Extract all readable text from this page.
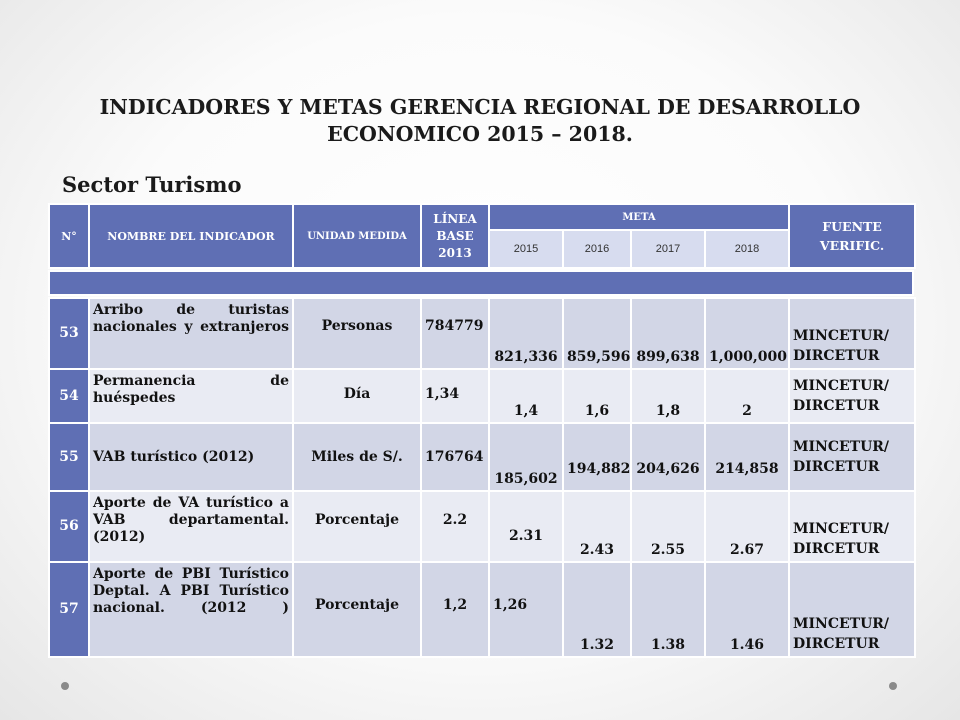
INDICADORES Y METAS GERENCIA REGIONAL DE DESARROLLO
ECONOMICO 2015 – 2018.
Sector Turismo
N°	NOMBRE DEL INDICADOR	UNIDAD MEDIDA	LÍNEA BASE 2013	META				FUENTE VERIFIC.
				2015	2016	2017	2018	
53	Arribo de turistas nacionales y extranjeros	Personas	784779	821,336	859,596	899,638	1,000,000	MINCETUR/
DIRCETUR

54	Permanencia de huéspedes	Día	1,34	1,4	1,6	1,8	2	MINCETUR/
DIRCETUR

55	VAB turístico (2012)	Miles de S/.	176764	185,602	194,882	204,626	214,858	MINCETUR/
DIRCETUR

56	Aporte de VA turístico a VAB departamental. (2012)	Porcentaje	2.2	2.31	2.43	2.55	2.67	MINCETUR/
DIRCETUR

57	Aporte de PBI Turístico Deptal. A PBI Turístico nacional. (2012 )	Porcentaje	1,2	1,26	1.32	1.38	1.46	MINCETUR/
DIRCETUR
